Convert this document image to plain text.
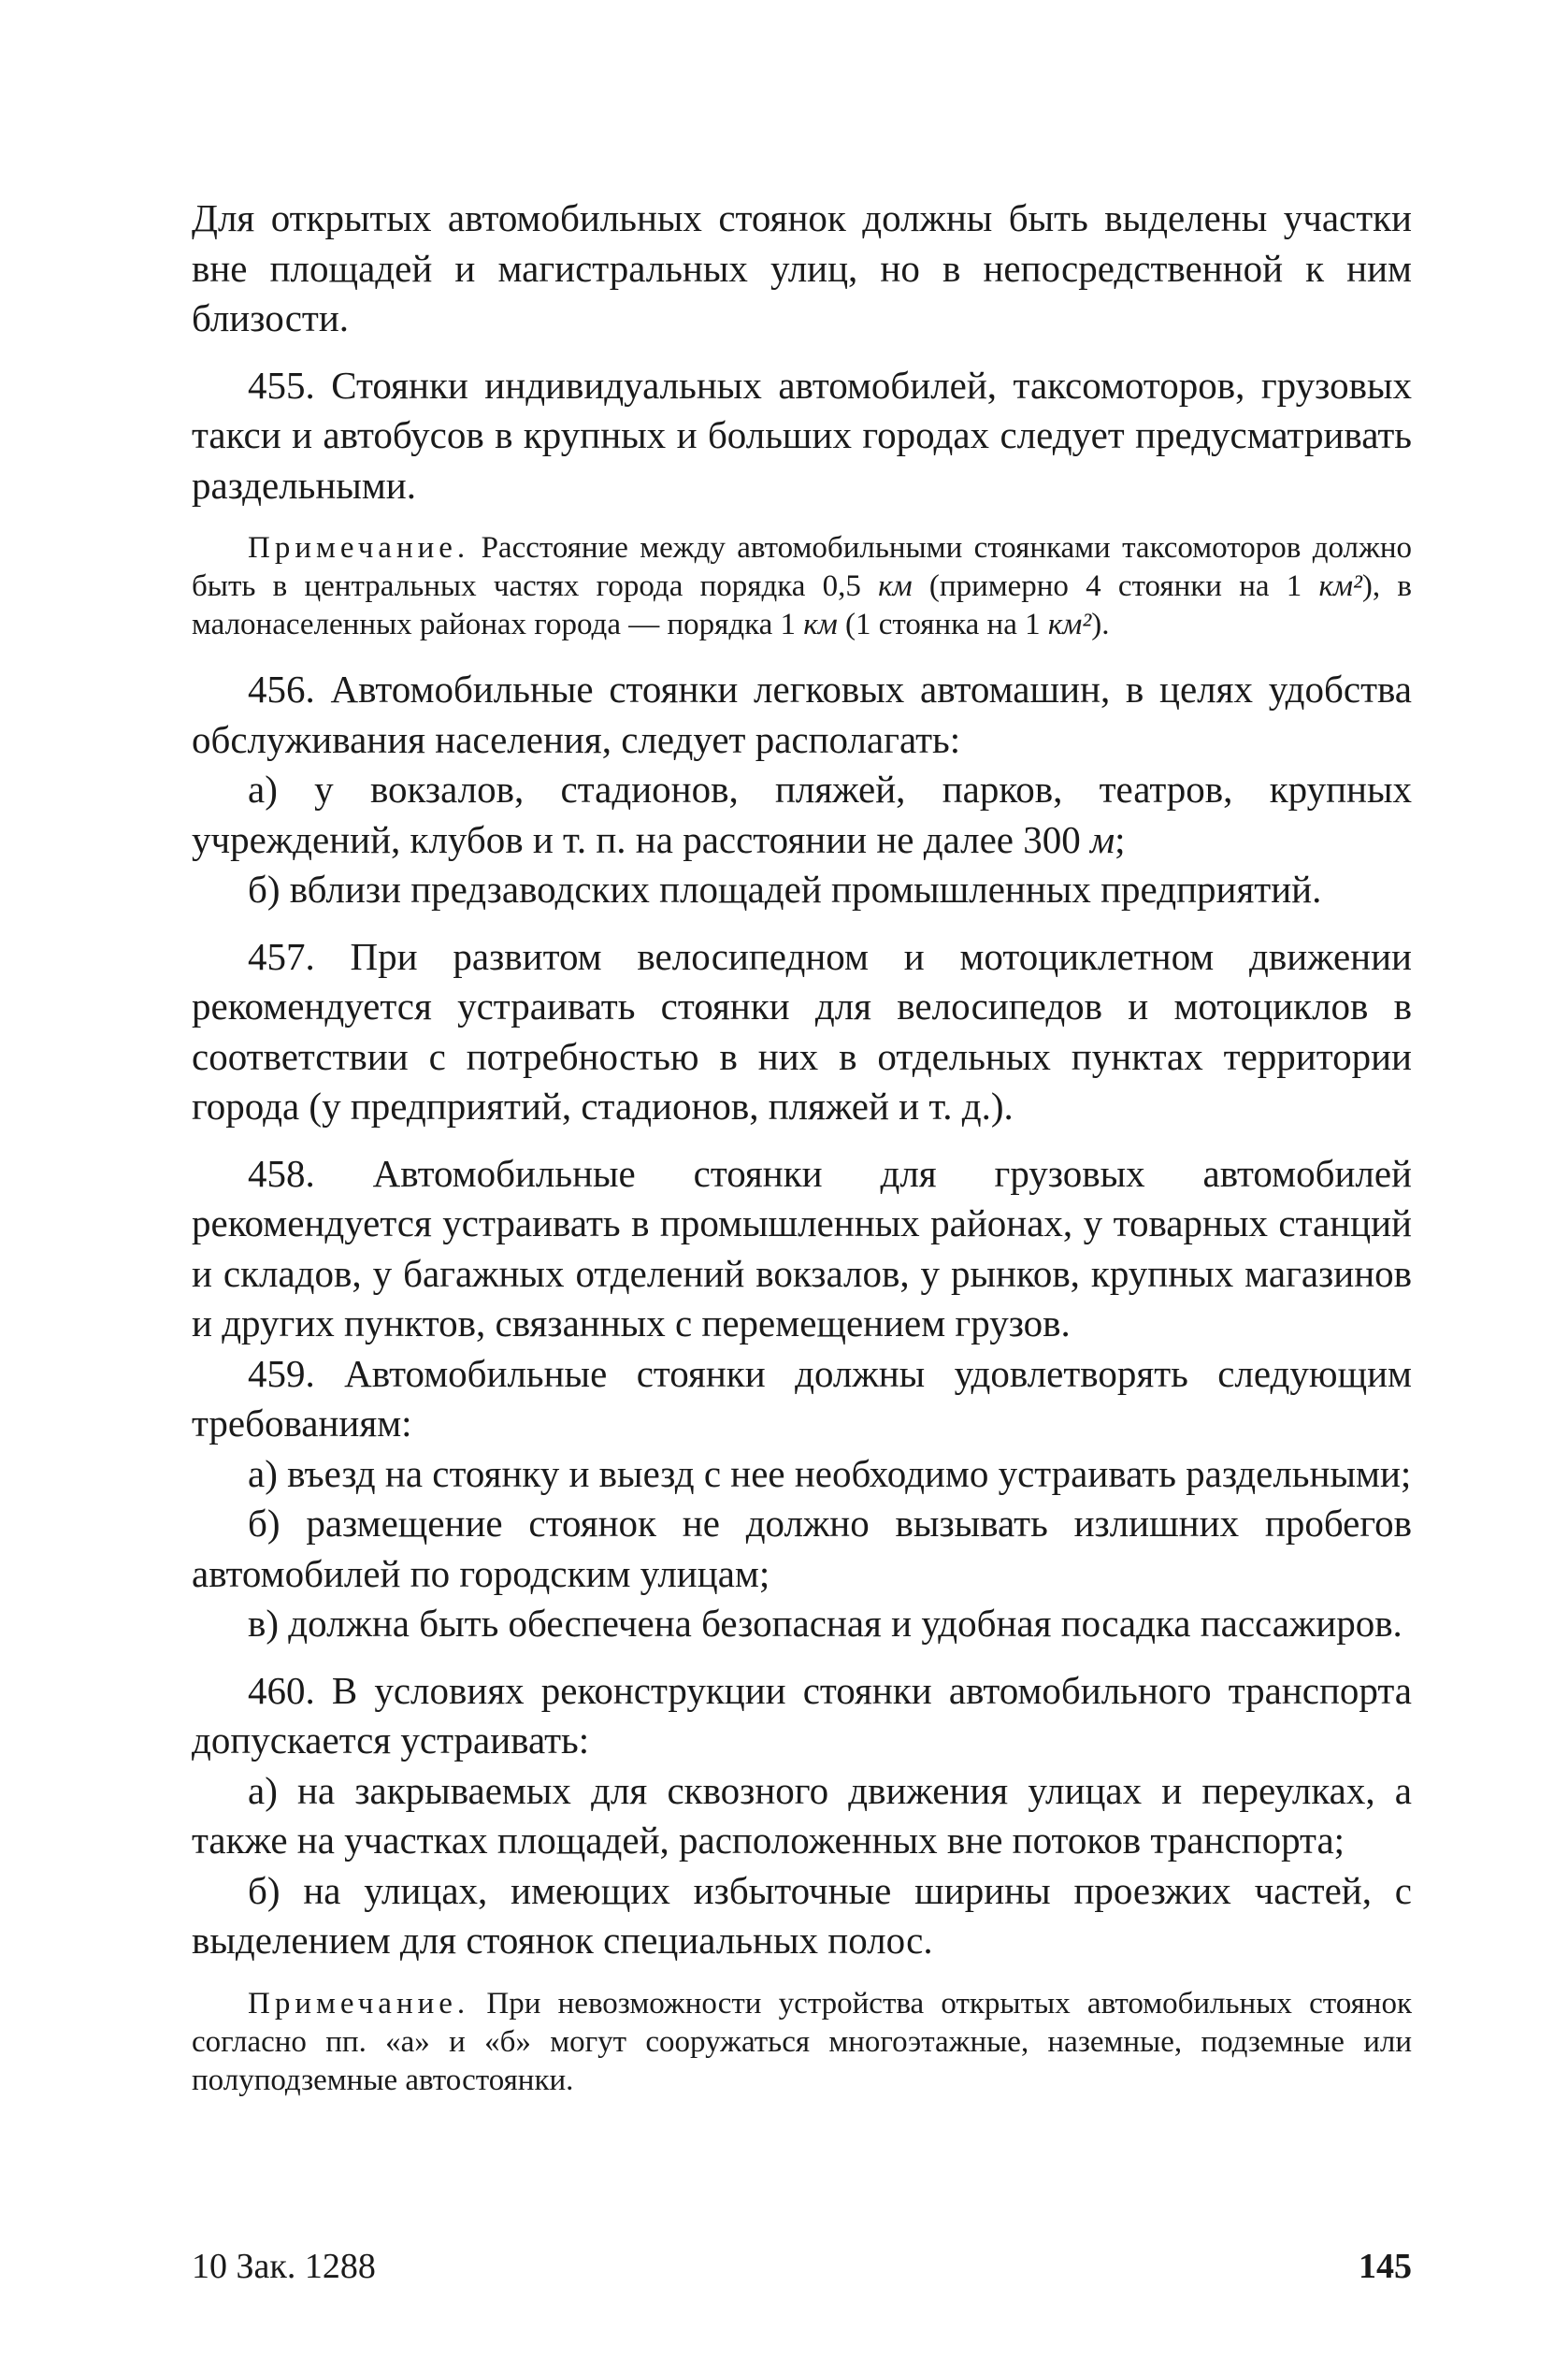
Для открытых автомобильных стоянок должны быть выделены участки вне площадей и магистральных улиц, но в непосредственной к ним близости.

455. Стоянки индивидуальных автомобилей, таксомоторов, грузовых такси и автобусов в крупных и больших городах следует предусматривать раздельными.

Примечание. Расстояние между автомобильными стоянками таксомоторов должно быть в центральных частях города порядка 0,5 км (примерно 4 стоянки на 1 км²), в малонаселенных районах города — порядка 1 км (1 стоянка на 1 км²).

456. Автомобильные стоянки легковых автомашин, в целях удобства обслуживания населения, следует располагать:

а) у вокзалов, стадионов, пляжей, парков, театров, крупных учреждений, клубов и т. п. на расстоянии не далее 300 м;

б) вблизи предзаводских площадей промышленных предприятий.

457. При развитом велосипедном и мотоциклетном движении рекомендуется устраивать стоянки для велосипедов и мотоциклов в соответствии с потребностью в них в отдельных пунктах территории города (у предприятий, стадионов, пляжей и т. д.).

458. Автомобильные стоянки для грузовых автомобилей рекомендуется устраивать в промышленных районах, у товарных станций и складов, у багажных отделений вокзалов, у рынков, крупных магазинов и других пунктов, связанных с перемещением грузов.

459. Автомобильные стоянки должны удовлетворять следующим требованиям:

а) въезд на стоянку и выезд с нее необходимо устраивать раздельными;

б) размещение стоянок не должно вызывать излишних пробегов автомобилей по городским улицам;

в) должна быть обеспечена безопасная и удобная посадка пассажиров.

460. В условиях реконструкции стоянки автомобильного транспорта допускается устраивать:

а) на закрываемых для сквозного движения улицах и переулках, а также на участках площадей, расположенных вне потоков транспорта;

б) на улицах, имеющих избыточные ширины проезжих частей, с выделением для стоянок специальных полос.

Примечание. При невозможности устройства открытых автомобильных стоянок согласно пп. «а» и «б» могут сооружаться многоэтажные, наземные, подземные или полуподземные автостоянки.
10 Зак. 1288	145
